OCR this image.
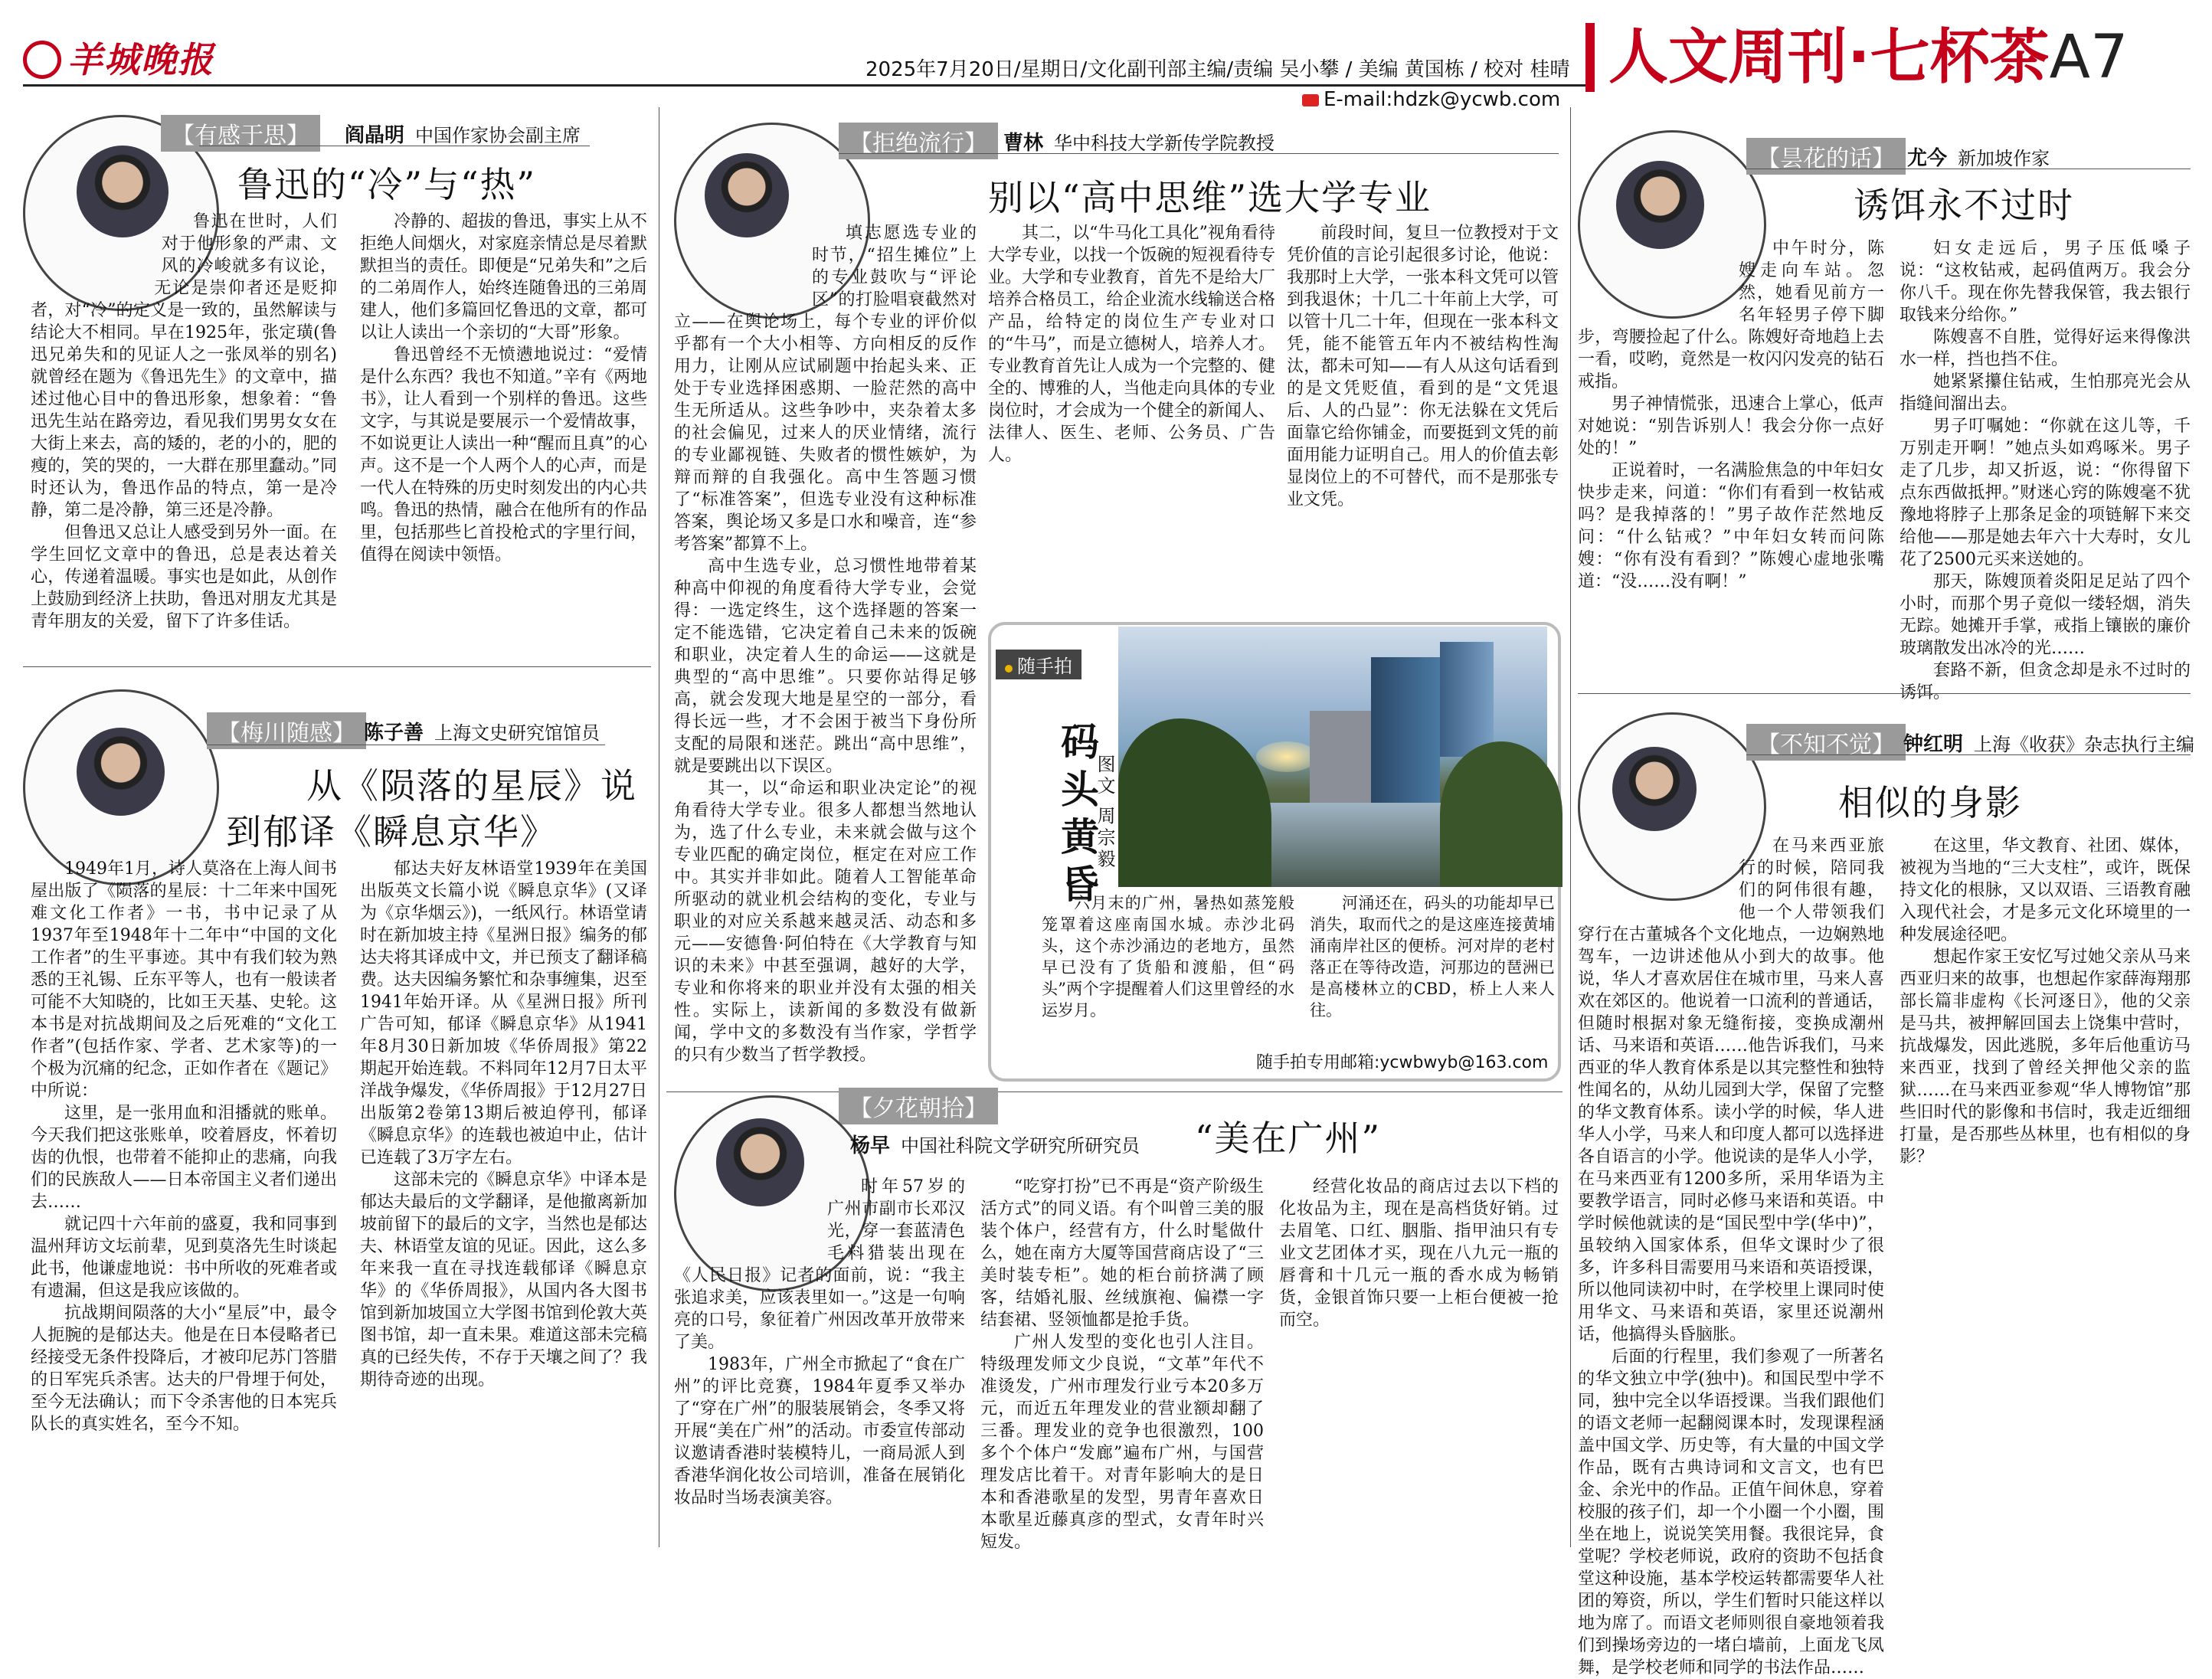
羊城晚报	2025年7月20日/星期日/文化副刊部主编/责编 吴小攀 / 美编 黄国栋 / 校对 桂晴
E-mail:hdzk@ycwb.com
人文周刊·七杯茶A7
【有感于思】	阎晶明 中国作家协会副主席
鲁迅的“冷”与“热”

鲁迅在世时，人们对于他形象的严肃、文风的冷峻就多有议论，无论是崇仰者还是贬抑者，对“冷”的定义是一致的，虽然解读与结论大不相同。早在1925年，张定璜(鲁迅兄弟失和的见证人之一张凤举的别名)就曾经在题为《鲁迅先生》的文章中，描述过他心目中的鲁迅形象，想象着：“鲁迅先生站在路旁边，看见我们男男女女在大街上来去，高的矮的，老的小的，肥的瘦的，笑的哭的，一大群在那里蠢动。”同时还认为，鲁迅作品的特点，第一是冷静，第二是冷静，第三还是冷静。

但鲁迅又总让人感受到另外一面。在学生回忆文章中的鲁迅，总是表达着关心，传递着温暖。事实也是如此，从创作上鼓励到经济上扶助，鲁迅对朋友尤其是青年朋友的关爱，留下了许多佳话。

冷静的、超拔的鲁迅，事实上从不拒绝人间烟火，对家庭亲情总是尽着默默担当的责任。即便是“兄弟失和”之后的二弟周作人，始终连随鲁迅的三弟周建人，他们多篇回忆鲁迅的文章，都可以让人读出一个亲切的“大哥”形象。

鲁迅曾经不无愤懑地说过：“爱情是什么东西？我也不知道。”辛有《两地书》，让人看到一个别样的鲁迅。这些文字，与其说是要展示一个爱情故事，不如说更让人读出一种“醒而且真”的心声。这不是一个人两个人的心声，而是一代人在特殊的历史时刻发出的内心共鸣。鲁迅的热情，融合在他所有的作品里，包括那些匕首投枪式的字里行间，值得在阅读中领悟。

【梅川随感】 陈子善 上海文史研究馆馆员
从《陨落的星辰》说
到郁译《瞬息京华》

1949年1月，诗人莫洛在上海人间书屋出版了《陨落的星辰：十二年来中国死难文化工作者》一书，书中记录了从1937年至1948年十二年中“中国的文化工作者”的生平事迹。其中有我们较为熟悉的王礼锡、丘东平等人，也有一般读者可能不大知晓的，比如王天基、史轮。这本书是对抗战期间及之后死难的“文化工作者”(包括作家、学者、艺术家等)的一个极为沉痛的纪念，正如作者在《题记》中所说：

这里，是一张用血和泪播就的账单。今天我们把这张账单，咬着唇皮，怀着切齿的仇恨，也带着不能抑止的悲痛，向我们的民族敌人——日本帝国主义者们递出去……

就记四十六年前的盛夏，我和同事到温州拜访文坛前辈，见到莫洛先生时谈起此书，他谦虚地说：书中所收的死难者或有遗漏，但这是我应该做的。

抗战期间陨落的大小“星辰”中，最令人扼腕的是郁达夫。他是在日本侵略者已经接受无条件投降后，才被印尼苏门答腊的日军宪兵杀害。达夫的尸骨埋于何处，至今无法确认；而下令杀害他的日本宪兵队长的真实姓名，至今不知。

郁达夫好友林语堂1939年在美国出版英文长篇小说《瞬息京华》(又译为《京华烟云》)，一纸风行。林语堂请时在新加坡主持《星洲日报》编务的郁达夫将其译成中文，并已预支了翻译稿费。达夫因编务繁忙和杂事缠集，迟至1941年始开译。从《星洲日报》所刊广告可知，郁译《瞬息京华》从1941年8月30日新加坡《华侨周报》第22期起开始连载。不料同年12月7日太平洋战争爆发，《华侨周报》于12月27日出版第2卷第13期后被迫停刊，郁译《瞬息京华》的连载也被迫中止，估计已连载了3万字左右。

这部未完的《瞬息京华》中译本是郁达夫最后的文学翻译，是他撤离新加坡前留下的最后的文字，当然也是郁达夫、林语堂友谊的见证。因此，这么多年来我一直在寻找连载郁译《瞬息京华》的《华侨周报》，从国内各大图书馆到新加坡国立大学图书馆到伦敦大英图书馆，却一直未果。难道这部未完稿真的已经失传，不存于天壤之间了？我期待奇迹的出现。

【拒绝流行】 曹林 华中科技大学新传学院教授
别以“高中思维”选大学专业

填志愿选专业的时节，“招生摊位”上的专业鼓吹与“评论区”的打脸唱衰截然对立——在舆论场上，每个专业的评价似乎都有一个大小相等、方向相反的反作用力，让刚从应试刷题中抬起头来、正处于专业选择困惑期、一脸茫然的高中生无所适从。这些争吵中，夹杂着太多的社会偏见，过来人的厌业情绪，流行的专业鄙视链、失败者的惯性嫉妒，为辩而辩的自我强化。高中生答题习惯了“标准答案”，但选专业没有这种标准答案，舆论场又多是口水和噪音，连“参考答案”都算不上。

高中生选专业，总习惯性地带着某种高中仰视的角度看待大学专业，会觉得：一选定终生，这个选择题的答案一定不能选错，它决定着自己未来的饭碗和职业，决定着人生的命运——这就是典型的“高中思维”。只要你站得足够高，就会发现大地是星空的一部分，看得长远一些，才不会困于被当下身份所支配的局限和迷茫。跳出“高中思维”，就是要跳出以下误区。

其一，以“命运和职业决定论”的视角看待大学专业。很多人都想当然地认为，选了什么专业，未来就会做与这个专业匹配的确定岗位，框定在对应工作中。其实并非如此。随着人工智能革命所驱动的就业机会结构的变化，专业与职业的对应关系越来越灵活、动态和多元——安德鲁·阿伯特在《大学教育与知识的未来》中甚至强调，越好的大学，专业和你将来的职业并没有太强的相关性。实际上，读新闻的多数没有做新闻，学中文的多数没有当作家，学哲学的只有少数当了哲学教授。

其二，以“牛马化工具化”视角看待大学专业，以找一个饭碗的短视看待专业。大学和专业教育，首先不是给大厂培养合格员工，给企业流水线输送合格产品，给特定的岗位生产专业对口的“牛马”，而是立德树人，培养人才。专业教育首先让人成为一个完整的、健全的、博雅的人，当他走向具体的专业岗位时，才会成为一个健全的新闻人、法律人、医生、老师、公务员、广告人。

前段时间，复旦一位教授对于文凭价值的言论引起很多讨论，他说：我那时上大学，一张本科文凭可以管到我退休；十几二十年前上大学，可以管十几二十年，但现在一张本科文凭，能不能管五年内不被结构性淘汰，都未可知——有人从这句话看到的是文凭贬值，看到的是“文凭退后、人的凸显”：你无法躲在文凭后面靠它给你铺金，而要挺到文凭的前面用能力证明自己。用人的价值去彰显岗位上的不可替代，而不是那张专业文凭。

随手拍
码头黄昏
图文 周宗毅

六月末的广州，暑热如蒸笼般笼罩着这座南国水城。赤沙北码头，这个赤沙涌边的老地方，虽然早已没有了货船和渡船，但“码头”两个字提醒着人们这里曾经的水运岁月。

河涌还在，码头的功能却早已消失，取而代之的是这座连接黄埔涌南岸社区的便桥。河对岸的老村落正在等待改造，河那边的琶洲已是高楼林立的CBD，桥上人来人往。

随手拍专用邮箱:ycwbwyb@163.com
【夕花朝拾】
杨早 中国社科院文学研究所研究员 “美在广州”

时年57岁的广州市副市长邓汉光，穿一套蓝清色毛料猎装出现在《人民日报》记者的面前，说：“我主张追求美，应该表里如一。”这是一句响亮的口号，象征着广州因改革开放带来了美。

1983年，广州全市掀起了“食在广州”的评比竞赛，1984年夏季又举办了“穿在广州”的服装展销会，冬季又将开展“美在广州”的活动。市委宣传部动议邀请香港时装模特儿，一商局派人到香港华润化妆公司培训，准备在展销化妆品时当场表演美容。

“吃穿打扮”已不再是“资产阶级生活方式”的同义语。有个叫曾三美的服装个体户，经营有方，什么时髦做什么，她在南方大厦等国营商店设了“三美时装专柜”。她的柜台前挤满了顾客，结婚礼服、丝绒旗袍、偏襟一字结套裙、竖领恤都是抢手货。

广州人发型的变化也引人注目。特级理发师文少良说，“文革”年代不准烫发，广州市理发行业亏本20多万元，而近五年理发业的营业额却翻了三番。理发业的竞争也很激烈，100多个个体户“发廊”遍布广州，与国营理发店比着干。对青年影响大的是日本和香港歌星的发型，男青年喜欢日本歌星近藤真彦的型式，女青年时兴短发。

经营化妆品的商店过去以下档的化妆品为主，现在是高档货好销。过去眉笔、口红、胭脂、指甲油只有专业文艺团体才买，现在八九元一瓶的唇膏和十几元一瓶的香水成为畅销货，金银首饰只要一上柜台便被一抢而空。

【昙花的话】 尤今 新加坡作家
诱饵永不过时

中午时分，陈嫂走向车站。忽然，她看见前方一名年轻男子停下脚步，弯腰捡起了什么。陈嫂好奇地趋上去一看，哎哟，竟然是一枚闪闪发亮的钻石戒指。

男子神情慌张，迅速合上掌心，低声对她说：“别告诉别人！我会分你一点好处的！”

正说着时，一名满脸焦急的中年妇女快步走来，问道：“你们有看到一枚钻戒吗？是我掉落的！”男子故作茫然地反问：“什么钻戒？”中年妇女转而问陈嫂：“你有没有看到？”陈嫂心虚地张嘴道：“没……没有啊！”

妇女走远后，男子压低嗓子说：“这枚钻戒，起码值两万。我会分你八千。现在你先替我保管，我去银行取钱来分给你。”

陈嫂喜不自胜，觉得好运来得像洪水一样，挡也挡不住。

她紧紧攥住钻戒，生怕那亮光会从指缝间溜出去。

男子叮嘱她：“你就在这儿等，千万别走开啊！”她点头如鸡啄米。男子走了几步，却又折返，说：“你得留下点东西做抵押。”财迷心窍的陈嫂毫不犹豫地将脖子上那条足金的项链解下来交给他——那是她去年六十大寿时，女儿花了2500元买来送她的。

那天，陈嫂顶着炎阳足足站了四个小时，而那个男子竟似一缕轻烟，消失无踪。她摊开手掌，戒指上镶嵌的廉价玻璃散发出冰冷的光……

套路不新，但贪念却是永不过时的诱饵。

【不知不觉】 钟红明 上海《收获》杂志执行主编
相似的身影

在马来西亚旅行的时候，陪同我们的阿伟很有趣，他一个人带领我们穿行在古董城各个文化地点，一边娴熟地驾车，一边讲述他从小到大的故事。他说，华人才喜欢居住在城市里，马来人喜欢在郊区的。他说着一口流利的普通话，但随时根据对象无缝衔接，变换成潮州话、马来语和英语……他告诉我们，马来西亚的华人教育体系是以其完整性和独特性闻名的，从幼儿园到大学，保留了完整的华文教育体系。读小学的时候，华人进华人小学，马来人和印度人都可以选择进各自语言的小学。他说读的是华人小学，在马来西亚有1200多所，采用华语为主要教学语言，同时必修马来语和英语。中学时候他就读的是“国民型中学(华中)”，虽较纳入国家体系，但华文课时少了很多，许多科目需要用马来语和英语授课，所以他同读初中时，在学校里上课同时使用华文、马来语和英语，家里还说潮州话，他搞得头昏脑胀。

后面的行程里，我们参观了一所著名的华文独立中学(独中)。和国民型中学不同，独中完全以华语授课。当我们跟他们的语文老师一起翻阅课本时，发现课程涵盖中国文学、历史等，有大量的中国文学作品，既有古典诗词和文言文，也有巴金、余光中的作品。正值午间休息，穿着校服的孩子们，却一个小圈一个小圈，围坐在地上，说说笑笑用餐。我很诧异，食堂呢？学校老师说，政府的资助不包括食堂这种设施，基本学校运转都需要华人社团的筹资，所以，学生们暂时只能这样以地为席了。而语文老师则很自豪地领着我们到操场旁边的一堵白墙前，上面龙飞凤舞，是学校老师和同学的书法作品……

在这里，华文教育、社团、媒体，被视为当地的“三大支柱”，或许，既保持文化的根脉，又以双语、三语教育融入现代社会，才是多元文化环境里的一种发展途径吧。

想起作家王安忆写过她父亲从马来西亚归来的故事，也想起作家薛海翔那部长篇非虚构《长河逐日》，他的父亲是马共，被押解回国去上饶集中营时，抗战爆发，因此逃脱，多年后他重访马来西亚，找到了曾经关押他父亲的监狱……在马来西亚参观“华人博物馆”那些旧时代的影像和书信时，我走近细细打量，是否那些丛林里，也有相似的身影？
